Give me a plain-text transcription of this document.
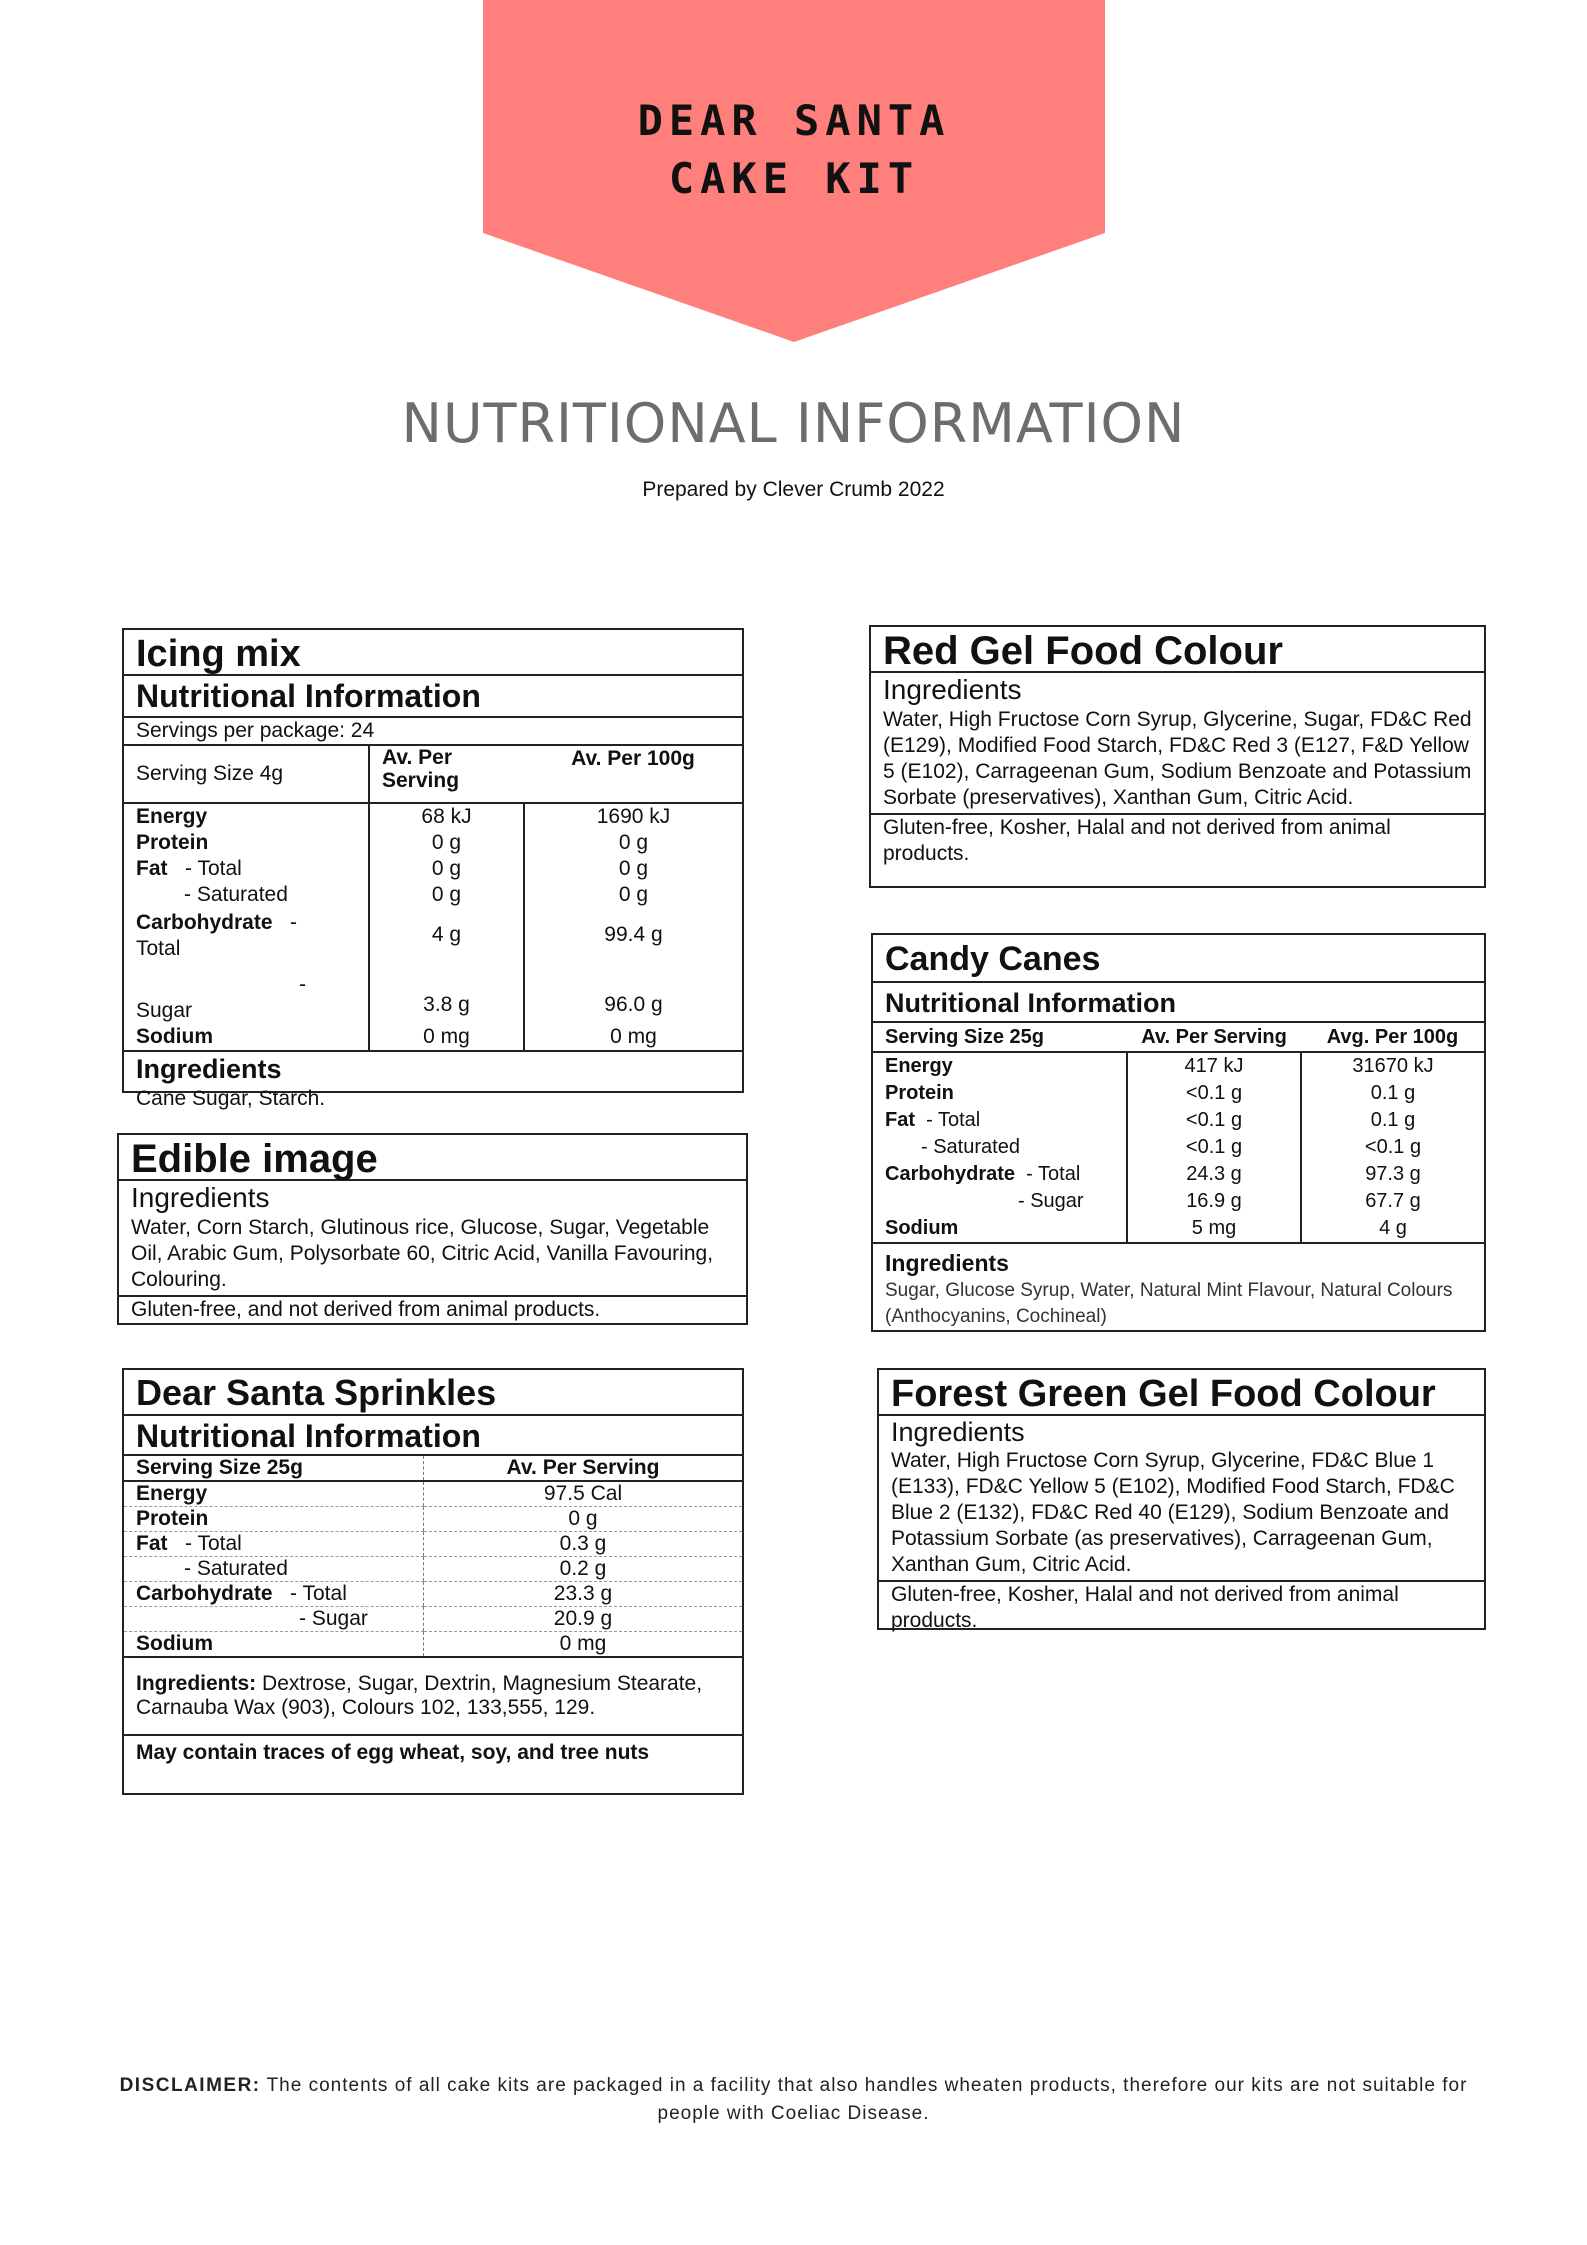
DEAR SANTA
CAKE KIT
NUTRITIONAL INFORMATION
Prepared by Clever Crumb 2022
Icing mix
Nutritional Information
Servings per package: 24
Serving Size 4g	Av. Per Serving	Av. Per 100g
Energy	68 kJ	1690 kJ
Protein	0 g	0 g
Fat - Total	0 g	0 g
- Saturated	0 g	0 g
Carbohydrate -
Total	4 g	99.4 g

-
Sugar	3.8 g	96.0 g
Sodium	0 mg	0 mg
Ingredients
Cane Sugar, Starch.
Edible image
Ingredients
Water, Corn Starch, Glutinous rice, Glucose, Sugar, Vegetable Oil, Arabic Gum, Polysorbate 60, Citric Acid, Vanilla Favouring, Colouring.
Gluten-free, and not derived from animal products.
Dear Santa Sprinkles
Nutritional Information
Serving Size 25g	Av. Per Serving
Energy	97.5 Cal
Protein	0 g
Fat - Total	0.3 g
- Saturated	0.2 g
Carbohydrate - Total	23.3 g
- Sugar	20.9 g
Sodium	0 mg
Ingredients: Dextrose, Sugar, Dextrin, Magnesium Stearate, Carnauba Wax (903), Colours 102, 133,555, 129.
May contain traces of egg wheat, soy, and tree nuts
Red Gel Food Colour
Ingredients
Water, High Fructose Corn Syrup, Glycerine, Sugar, FD&C Red (E129), Modified Food Starch, FD&C Red 3 (E127, F&D Yellow 5 (E102), Carrageenan Gum, Sodium Benzoate and Potassium Sorbate (preservatives), Xanthan Gum, Citric Acid.
Gluten-free, Kosher, Halal and not derived from animal products.
Candy Canes
Nutritional Information
Serving Size 25g	Av. Per Serving	Avg. Per 100g
Energy	417 kJ	31670 kJ
Protein	<0.1 g	0.1 g
Fat - Total	<0.1 g	0.1 g
- Saturated	<0.1 g	<0.1 g
Carbohydrate - Total	24.3 g	97.3 g
- Sugar	16.9 g	67.7 g
Sodium	5 mg	4 g
Ingredients
Sugar, Glucose Syrup, Water, Natural Mint Flavour, Natural Colours (Anthocyanins, Cochineal)
Forest Green Gel Food Colour
Ingredients
Water, High Fructose Corn Syrup, Glycerine, FD&C Blue 1 (E133), FD&C Yellow 5 (E102), Modified Food Starch, FD&C Blue 2 (E132), FD&C Red 40 (E129), Sodium Benzoate and Potassium Sorbate (as preservatives), Carrageenan Gum, Xanthan Gum, Citric Acid.
Gluten-free, Kosher, Halal and not derived from animal products.
DISCLAIMER: The contents of all cake kits are packaged in a facility that also handles wheaten products, therefore our kits are not suitable for people with Coeliac Disease.
